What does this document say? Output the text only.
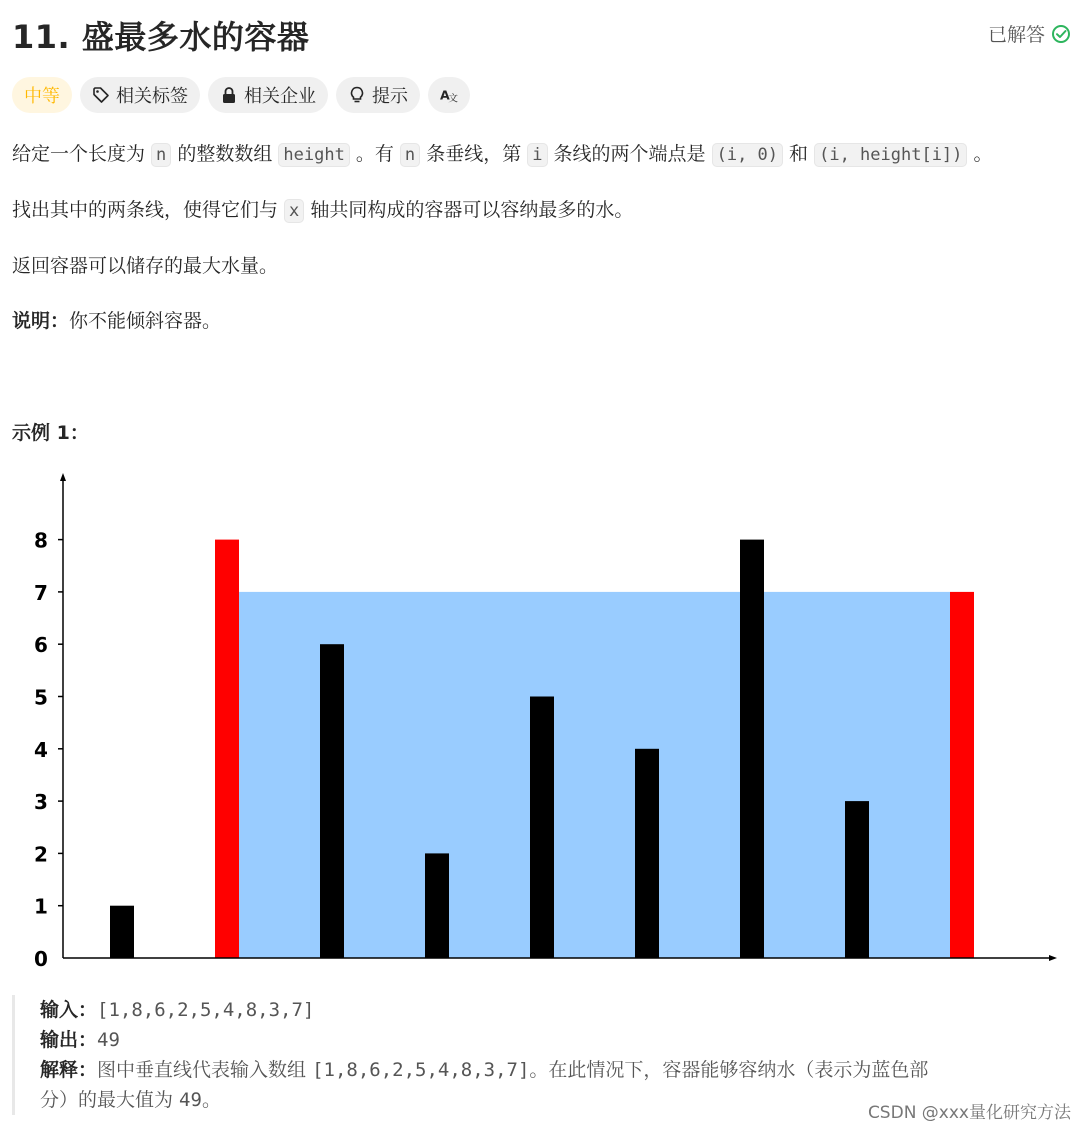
11. 盛最多水的容器	已解答
中等	相关标签	相关企业	提示 A
文
给定一个长度为 n 的整数数组 height 。有 n 条垂线，第 i 条线的两个端点是 (i, 0) 和 (i, height[i]) 。
找出其中的两条线，使得它们与 x 轴共同构成的容器可以容纳最多的水。
返回容器可以储存的最大水量。
说明：你不能倾斜容器。
示例 1：
0
1
2
3
4
5
6
7
8
输入：[1,8,6,2,5,4,8,3,7]
输出：49
解释：图中垂直线代表输入数组 [1,8,6,2,5,4,8,3,7]。在此情况下，容器能够容纳水（表示为蓝色部
分）的最大值为 49。
CSDN @xxx量化研究方法
